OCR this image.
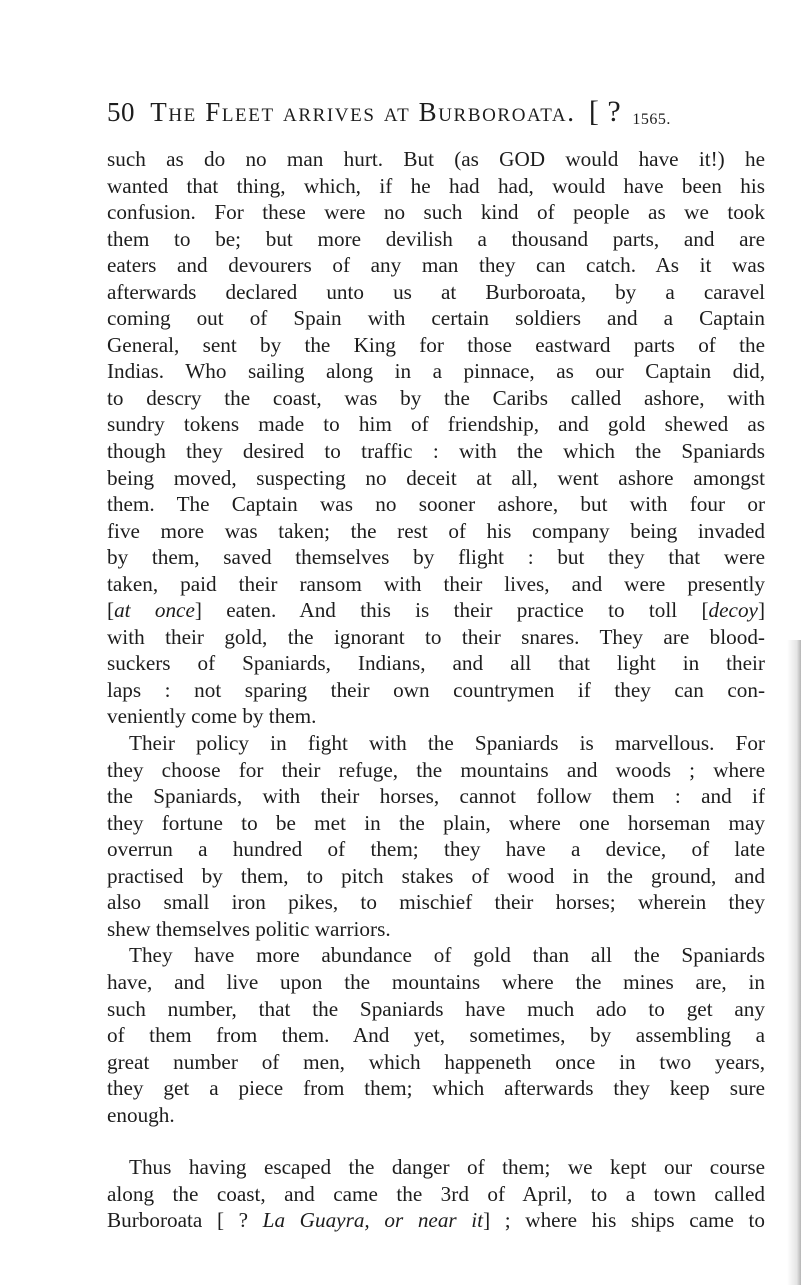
50 The Fleet arrives at Burboroata. [ ? 1565.
such as do no man hurt. But (as GOD would have it!) he
wanted that thing, which, if he had had, would have been his
confusion. For these were no such kind of people as we took
them to be; but more devilish a thousand parts, and are
eaters and devourers of any man they can catch. As it was
afterwards declared unto us at Burboroata, by a caravel
coming out of Spain with certain soldiers and a Captain
General, sent by the King for those eastward parts of the
Indias. Who sailing along in a pinnace, as our Captain did,
to descry the coast, was by the Caribs called ashore, with
sundry tokens made to him of friendship, and gold shewed as
though they desired to traffic : with the which the Spaniards
being moved, suspecting no deceit at all, went ashore amongst
them. The Captain was no sooner ashore, but with four or
five more was taken; the rest of his company being invaded
by them, saved themselves by flight : but they that were
taken, paid their ransom with their lives, and were presently
[at once] eaten. And this is their practice to toll [decoy]
with their gold, the ignorant to their snares. They are blood-
suckers of Spaniards, Indians, and all that light in their
laps : not sparing their own countrymen if they can con-
veniently come by them.
Their policy in fight with the Spaniards is marvellous. For
they choose for their refuge, the mountains and woods ; where
the Spaniards, with their horses, cannot follow them : and if
they fortune to be met in the plain, where one horseman may
overrun a hundred of them; they have a device, of late
practised by them, to pitch stakes of wood in the ground, and
also small iron pikes, to mischief their horses; wherein they
shew themselves politic warriors.
They have more abundance of gold than all the Spaniards
have, and live upon the mountains where the mines are, in
such number, that the Spaniards have much ado to get any
of them from them. And yet, sometimes, by assembling a
great number of men, which happeneth once in two years,
they get a piece from them; which afterwards they keep sure
enough.
Thus having escaped the danger of them; we kept our course
along the coast, and came the 3rd of April, to a town called
Burboroata [ ? La Guayra, or near it] ; where his ships came to
